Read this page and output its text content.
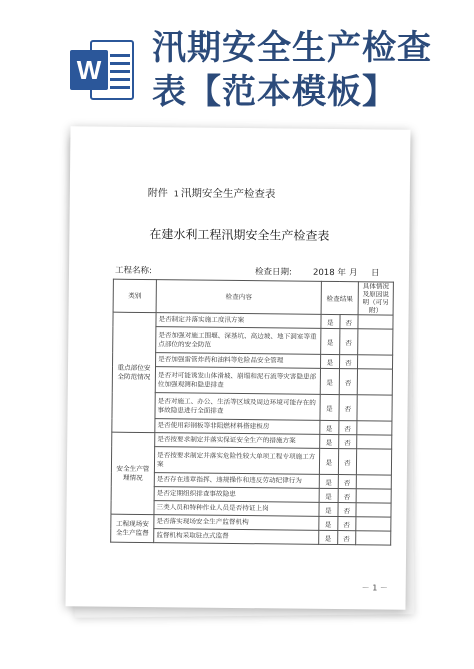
W
汛期安全生产检查表【范本模板】
附件 1 汛期安全生产检查表
在建水利工程汛期安全生产检查表
工程名称:	检查日期: 2018 年 月 日
类别	检查内容	检查结果		具体情况及原因说明（可另附）
重点部位安全防范情况	是否制定并落实施工度汛方案	是	否	
	是否加强对施工围堰、深基坑、高边坡、地下洞室等重点部位的安全防范	是	否	
	是否加强雷管炸药和油料等危险品安全管理	是	否	
	是否对可能诱发山体滑坡、崩塌和泥石流等灾害隐患部位加强观测和隐患排查	是	否	
	是否对施工、办公、生活等区域及周边环境可能存在的事故隐患进行全面排查	是	否	
	是否使用彩钢板等非阻燃材料搭建板房	是	否	
安全生产管理情况	是否按要求制定并落实保证安全生产的措施方案	是	否	
	是否按要求制定并落实危险性较大单项工程专项施工方案	是	否	
	是否存在违章指挥、违规操作和违反劳动纪律行为	是	否	
	是否定期组织排查事故隐患	是	否	
	三类人员和特种作业人员是否持证上岗	是	否	
工程现场安全生产监督	是否落实现场安全生产监督机构	是	否	
	监督机构采取驻点式监督	是	否	
－ 1 －
